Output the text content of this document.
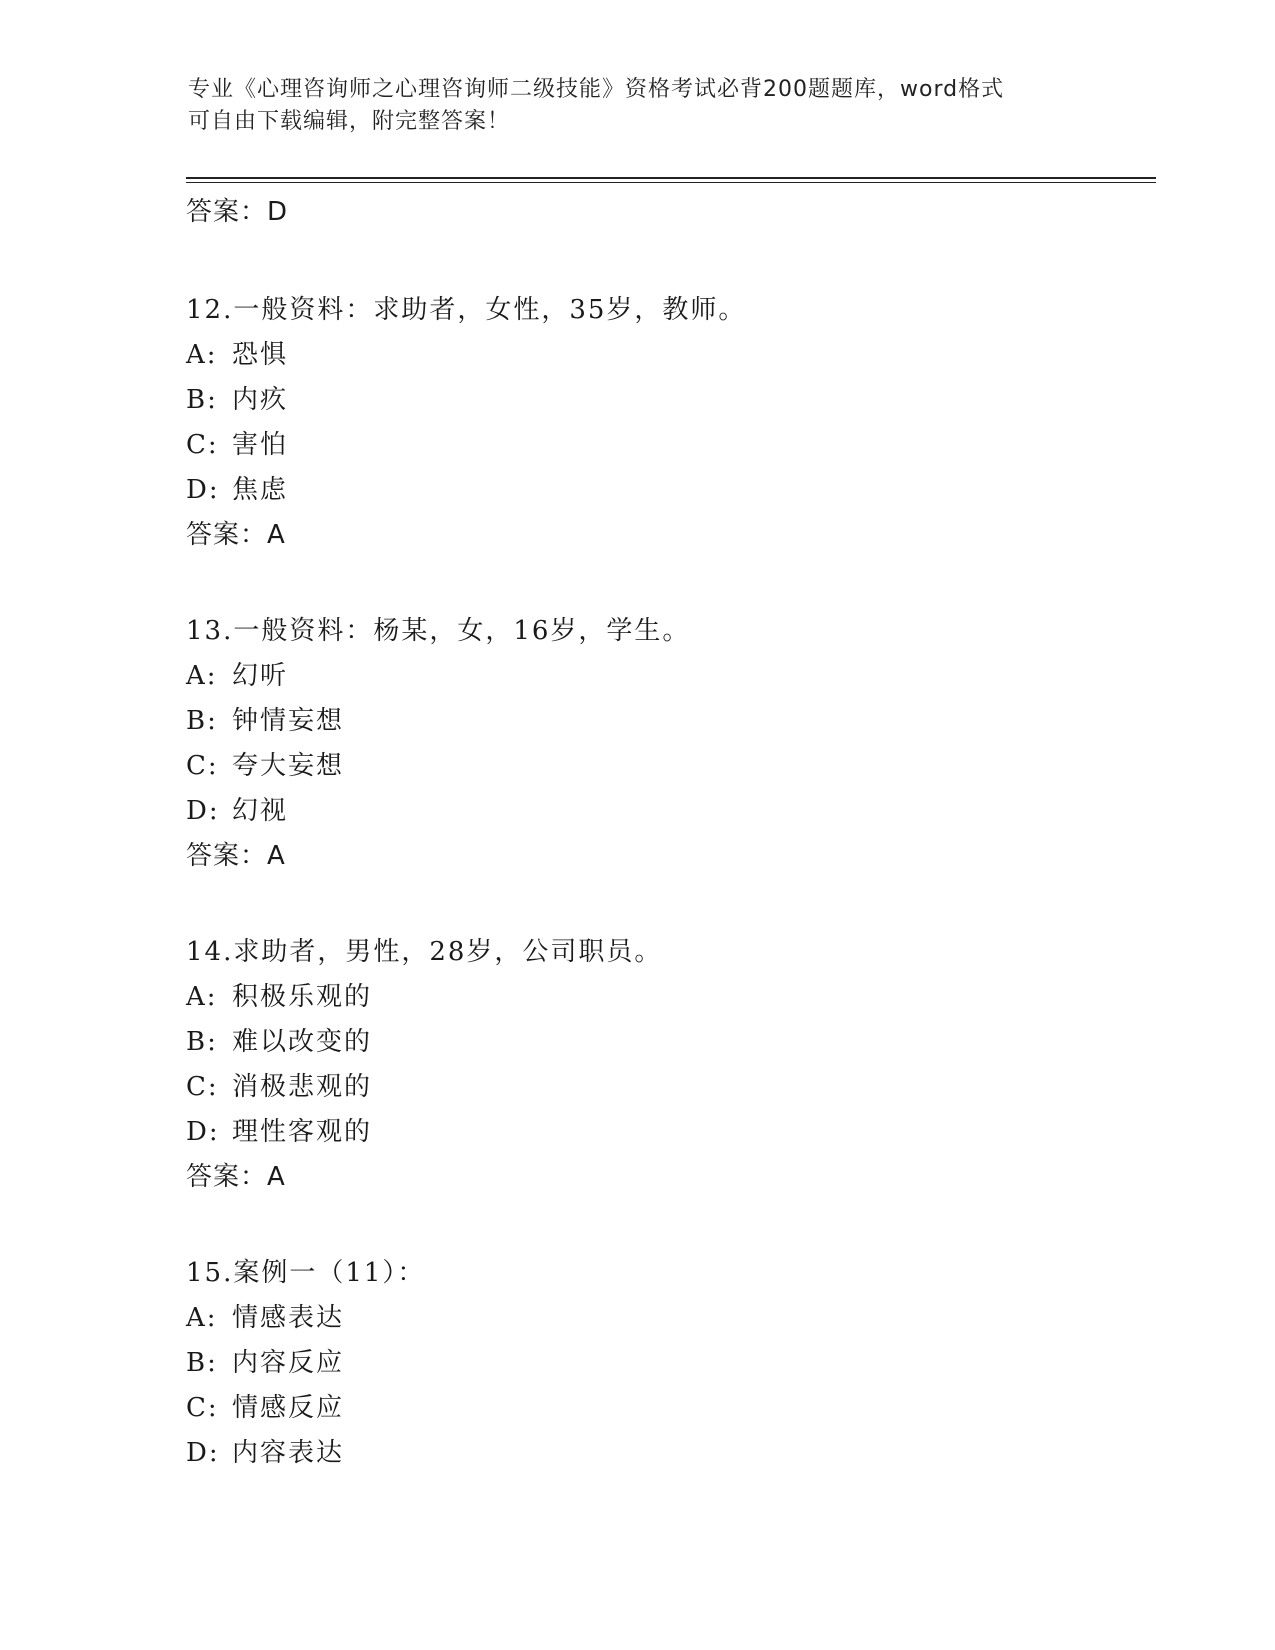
专业《心理咨询师之心理咨询师二级技能》资格考试必背200题题库，word格式
可自由下载编辑，附完整答案！
答案：D
12.一般资料：求助者，女性，35岁，教师。
A: 恐惧
B: 内疚
C: 害怕
D: 焦虑
答案：A
13.一般资料：杨某，女，16岁，学生。
A: 幻听
B: 钟情妄想
C: 夸大妄想
D: 幻视
答案：A
14.求助者，男性，28岁，公司职员。
A: 积极乐观的
B: 难以改变的
C: 消极悲观的
D: 理性客观的
答案：A
15.案例一（11）：
A: 情感表达
B: 内容反应
C: 情感反应
D: 内容表达
